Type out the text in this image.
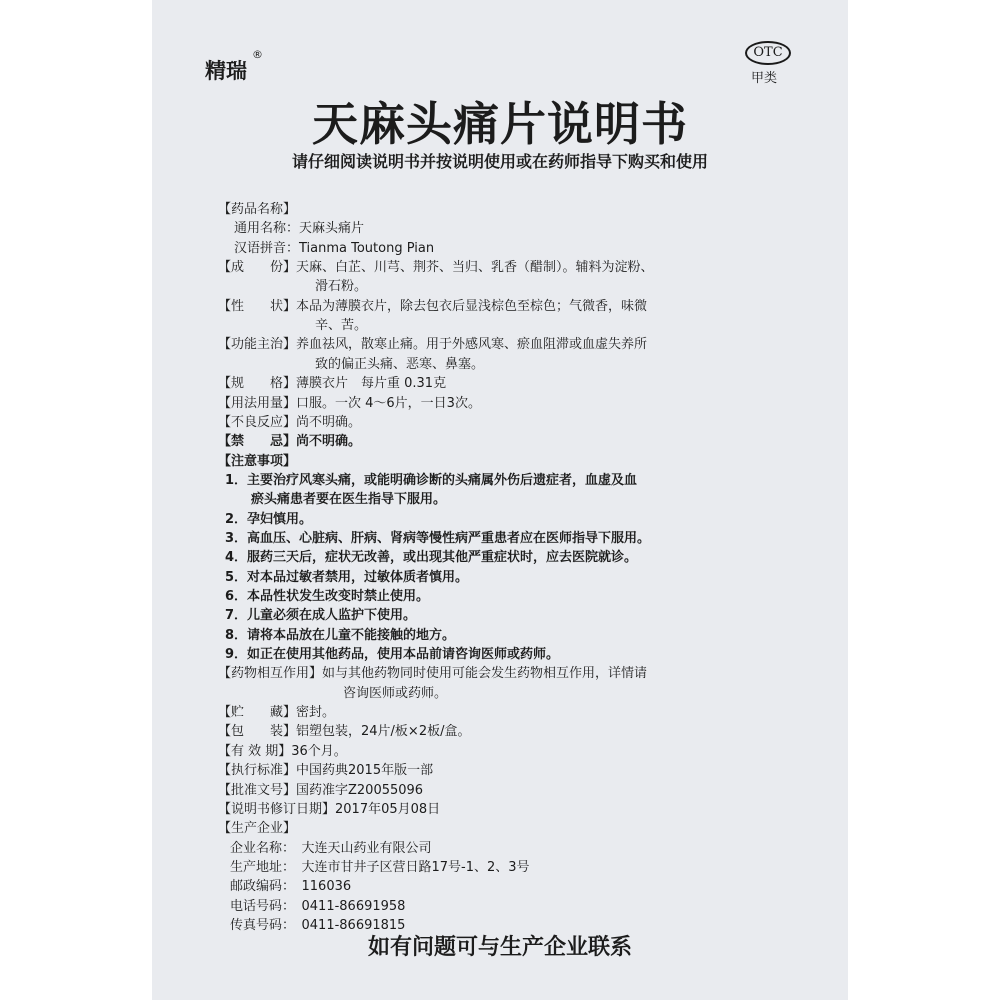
精瑞
®	OTC
甲类
天麻头痛片说明书
请仔细阅读说明书并按说明使用或在药师指导下购买和使用
【药品名称】
通用名称：天麻头痛片
汉语拼音：Tianma Toutong Pian
【成　　份】天麻、白芷、川芎、荆芥、当归、乳香（醋制）。辅料为淀粉、
滑石粉。
【性　　状】本品为薄膜衣片，除去包衣后显浅棕色至棕色；气微香，味微
辛、苦。
【功能主治】养血祛风，散寒止痛。用于外感风寒、瘀血阻滞或血虚失养所
致的偏正头痛、恶寒、鼻塞。
【规　　格】薄膜衣片　每片重 0.31克
【用法用量】口服。一次 4～6片，一日3次。
【不良反应】尚不明确。
【禁　　忌】尚不明确。
【注意事项】
1．主要治疗风寒头痛，或能明确诊断的头痛属外伤后遗症者，血虚及血
瘀头痛患者要在医生指导下服用。
2．孕妇慎用。
3．高血压、心脏病、肝病、肾病等慢性病严重患者应在医师指导下服用。
4．服药三天后，症状无改善，或出现其他严重症状时，应去医院就诊。
5．对本品过敏者禁用，过敏体质者慎用。
6．本品性状发生改变时禁止使用。
7．儿童必须在成人监护下使用。
8．请将本品放在儿童不能接触的地方。
9．如正在使用其他药品，使用本品前请咨询医师或药师。
【药物相互作用】如与其他药物同时使用可能会发生药物相互作用，详情请
咨询医师或药师。
【贮　　藏】密封。
【包　　装】铝塑包装，24片/板×2板/盒。
【有 效 期】36个月。
【执行标准】中国药典2015年版一部
【批准文号】国药准字Z20055096
【说明书修订日期】2017年05月08日
【生产企业】
企业名称：　大连天山药业有限公司
生产地址：　大连市甘井子区营日路17号-1、2、3号
邮政编码：　116036
电话号码：　0411-86691958
传真号码：　0411-86691815
如有问题可与生产企业联系
